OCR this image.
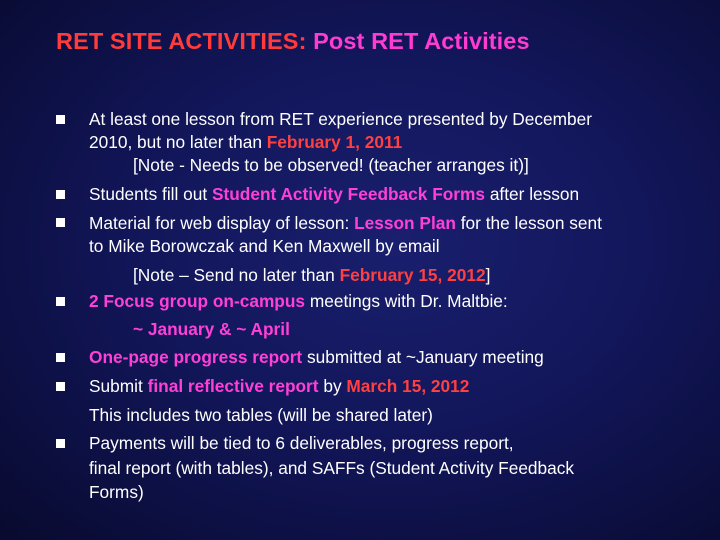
RET SITE ACTIVITIES: Post RET Activities
At least one lesson from RET experience presented by December
2010, but no later than February 1, 2011
[Note - Needs to be observed! (teacher arranges it)]
Students fill out Student Activity Feedback Forms after lesson
Material for web display of lesson: Lesson Plan for the lesson sent
to Mike Borowczak and Ken Maxwell by email
[Note – Send no later than February 15, 2012]
2 Focus group on-campus meetings with Dr. Maltbie:
~ January & ~ April
One-page progress report submitted at ~January meeting
Submit final reflective report by March 15, 2012
This includes two tables (will be shared later)
Payments will be tied to 6 deliverables, progress report,
final report (with tables), and SAFFs (Student Activity Feedback
Forms)
